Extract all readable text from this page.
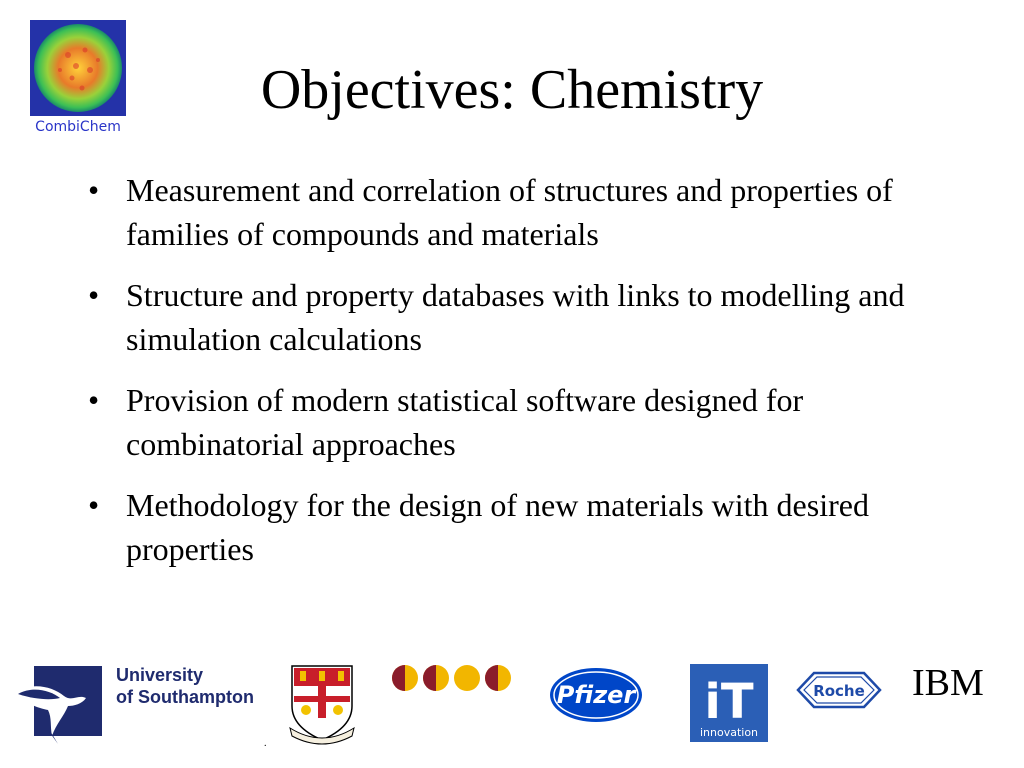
CombiChem
Objectives: Chemistry
• Measurement and correlation of structures and properties of families of compounds and materials
• Structure and property databases with links to modelling and simulation calculations
• Provision of modern statistical software designed for combinatorial approaches
• Methodology for the design of new materials with desired properties
University
of Southampton	Pfizer iT
innovation
Roche IBM
.
